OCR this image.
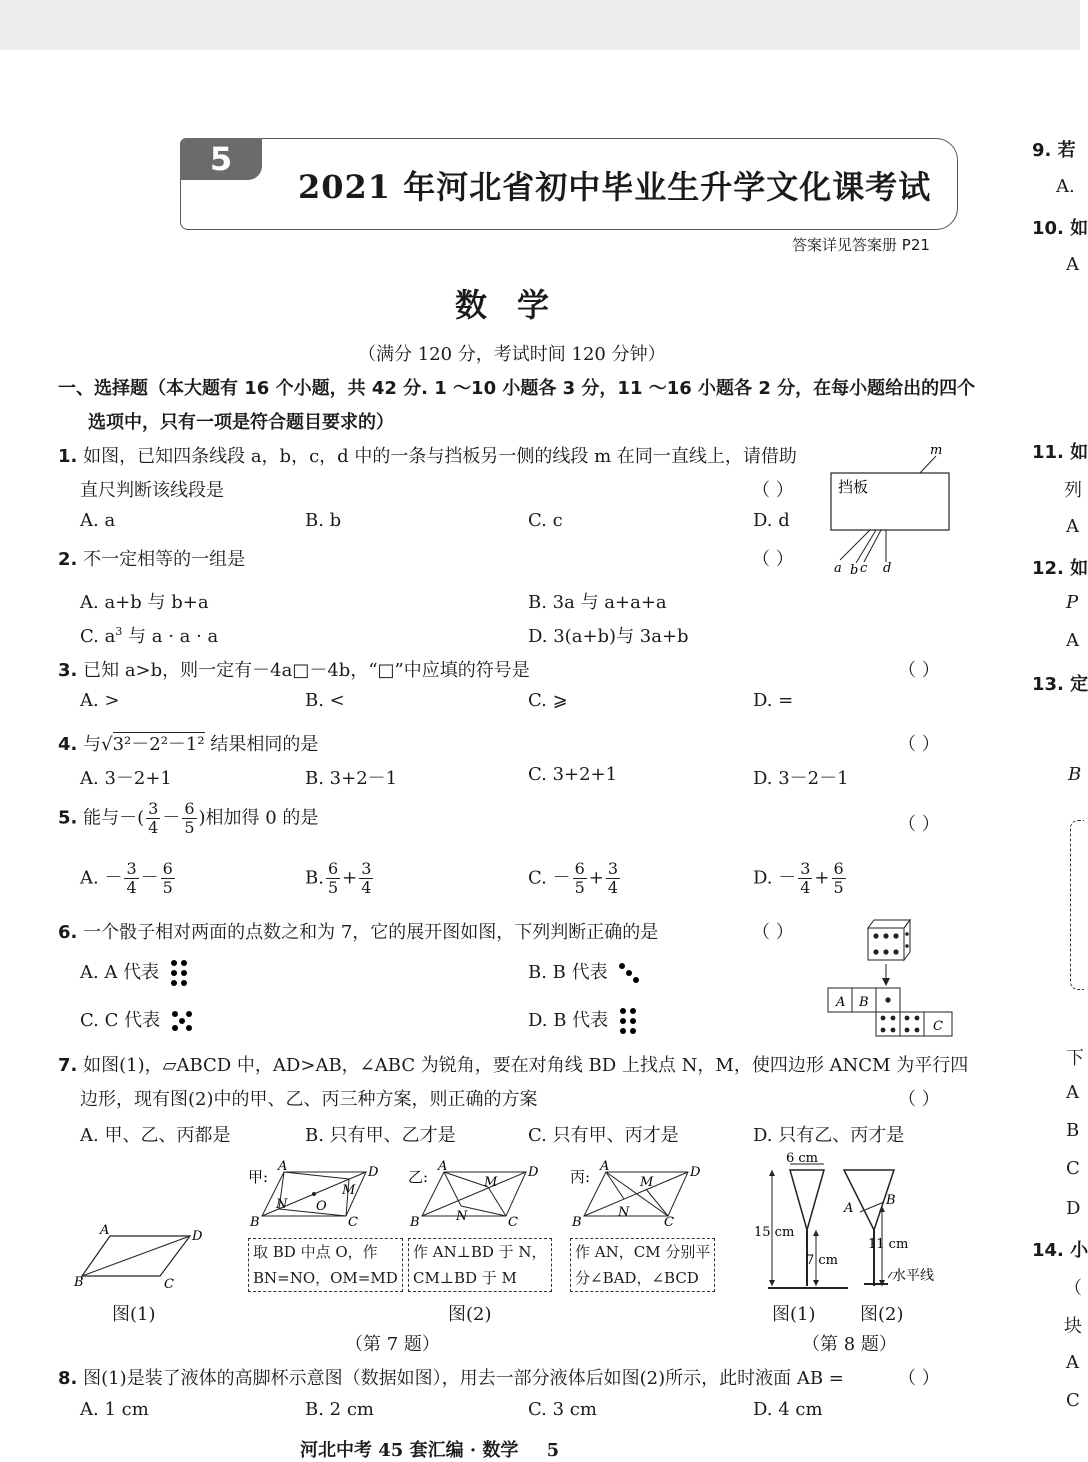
5
2021 年河北省初中毕业生升学文化课考试
答案详见答案册 P21
数学
（满分 120 分，考试时间 120 分钟）
一、选择题（本大题有 16 个小题，共 42 分. 1 ～10 小题各 3 分，11 ～16 小题各 2 分，在每小题给出的四个
选项中，只有一项是符合题目要求的）
1. 如图，已知四条线段 a，b，c，d 中的一条与挡板另一侧的线段 m 在同一直线上，请借助
直尺判断该线段是	（ ）
A. a	B. b	C. c	D. d
挡板
m
a b c d
2. 不一定相等的一组是	（ ）
A. a+b 与 b+a	B. 3a 与 a+a+a
C. $a^3$ 与 a · a · a	D. 3(a+b)与 3a+b
3. 已知 a>b，则一定有－4a□－4b，“□”中应填的符号是	（ ）
A. >	B. <	C. ⩾	D. =
4. 与√3²－2²－1² 结果相同的是	（ ）
A. 3－2+1	B. 3+2－1	C. 3+2+1	D. 3－2－1
5. 能与－( $\frac{3}{4} - \frac{6}{5}$ )相加得 0 的是	（ ）
A. － $\frac{3}{4} - \frac{6}{5}$	B. $\frac{6}{5} + \frac{3}{4}$	C. － $\frac{6}{5} + \frac{3}{4}$	D. － $\frac{3}{4} + \frac{6}{5}$
6. 一个骰子相对两面的点数之和为 7，它的展开图如图，下列判断正确的是	（ ）
A. A 代表	B. B 代表
C. C 代表	D. B 代表
A B
C
7. 如图(1)，▱ABCD 中，AD>AB，∠ABC 为锐角，要在对角线 BD 上找点 N，M，使四边形 ANCM 为平行四
边形，现有图(2)中的甲、乙、丙三种方案，则正确的方案	（ ）
A. 甲、乙、丙都是	B. 只有甲、乙才是	C. 只有甲、丙才是	D. 只有乙、丙才是
A	D
B	C
图(1)
甲:
A	D
B	C
N
M
O
取 BD 中点 O，作
BN=NO，OM=MD
乙:
A	D
B	C
N
M
作 AN⊥BD 于 N，
CM⊥BD 于 M
丙:
A	D
B	C
N
M
作 AN，CM 分别平
分∠BAD，∠BCD
图(2)
（第 7 题）
6 cm
15 cm
7 cm
A
B
11 cm
水平线
图(1) 图(2)
（第 8 题）
8. 图(1)是装了液体的高脚杯示意图（数据如图），用去一部分液体后如图(2)所示，此时液面 AB =	（ ）
A. 1 cm	B. 2 cm	C. 3 cm	D. 4 cm
9. 若
A.
10. 如
A
11. 如
列
A
12. 如
P
A
13. 定
B
下
A
B
C
D
14. 小
（
块
A
C
河北中考 45 套汇编 · 数学 5
